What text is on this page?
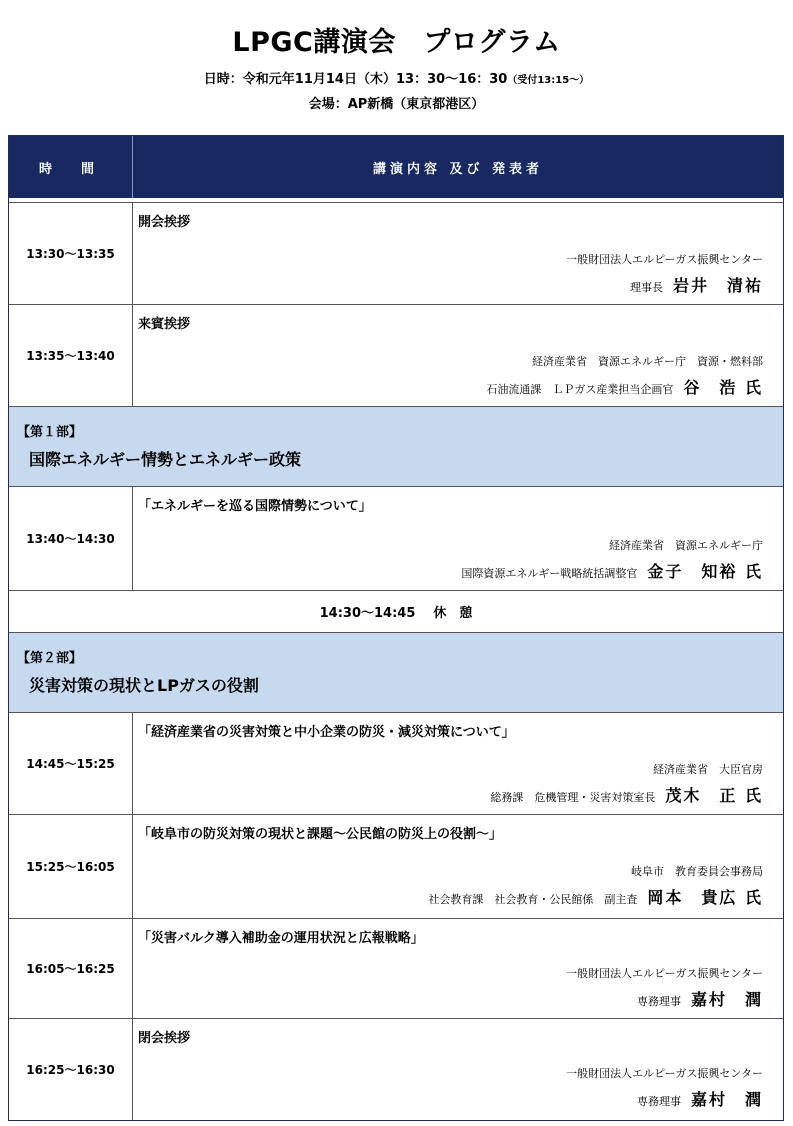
LPGC講演会　プログラム
日時：令和元年11月14日（木）13：30～16：30（受付13:15～）
会場：AP新橋（東京都港区）
時　間	講演内容 及び 発表者
13:30～13:35
開会挨拶
一般財団法人エルピーガス振興センター
理事長 岩井　清祐
13:35～13:40
来賓挨拶
経済産業省　資源エネルギー庁　資源・燃料部
石油流通課　ＬＰガス産業担当企画官 谷　浩 氏
【第１部】
国際エネルギー情勢とエネルギー政策
13:40～14:30
「エネルギーを巡る国際情勢について」
経済産業省　資源エネルギー庁
国際資源エネルギー戦略統括調整官 金子　知裕 氏
14:30～14:45 休　憩
【第２部】
災害対策の現状とLPガスの役割
14:45～15:25
「経済産業省の災害対策と中小企業の防災・減災対策について」
経済産業省　大臣官房
総務課　危機管理・災害対策室長 茂木　正 氏
15:25～16:05
「岐阜市の防災対策の現状と課題～公民館の防災上の役割～」
岐阜市　教育委員会事務局
社会教育課　社会教育・公民館係　副主査 岡本　貴広 氏
16:05～16:25
「災害バルク導入補助金の運用状況と広報戦略」
一般財団法人エルピーガス振興センター
専務理事 嘉村　潤
16:25～16:30
閉会挨拶
一般財団法人エルピーガス振興センター
専務理事 嘉村　潤
